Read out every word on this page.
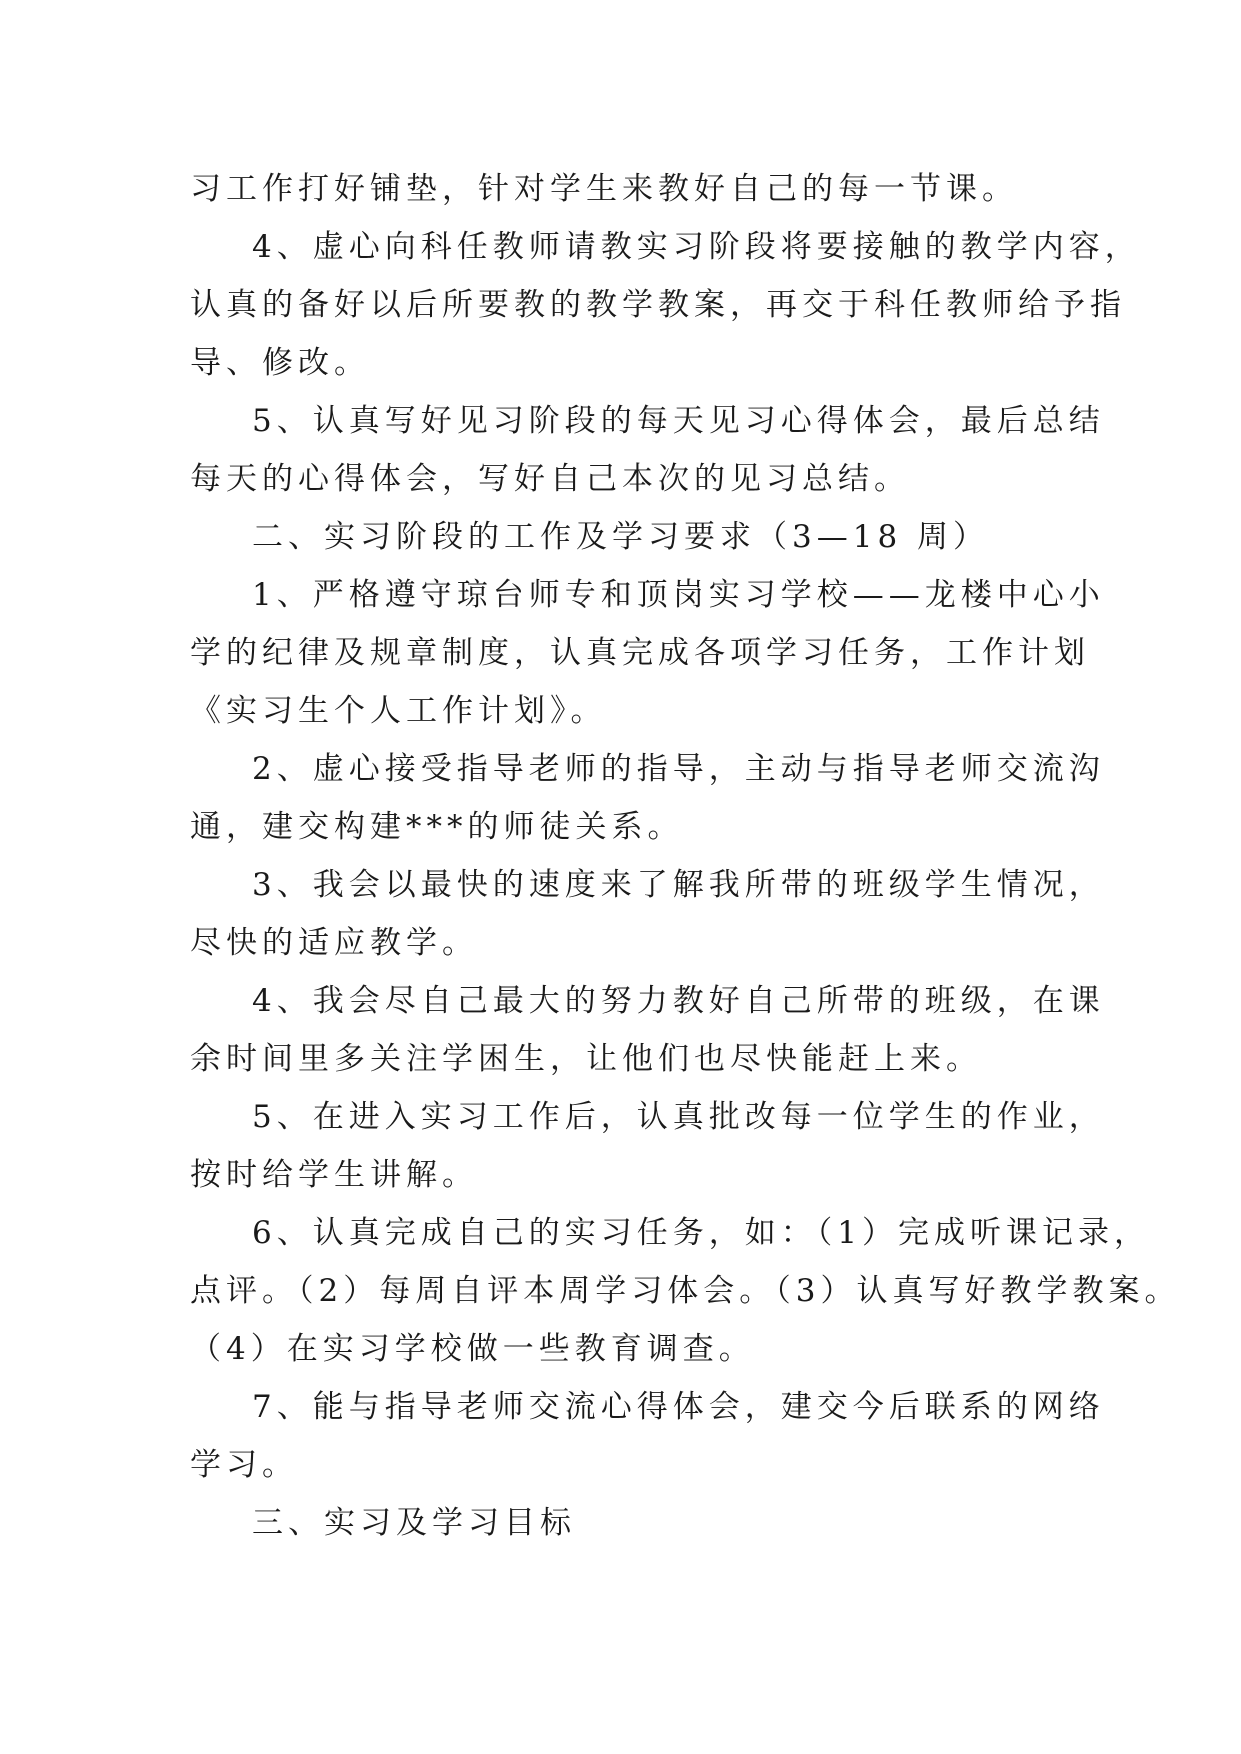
习工作打好铺垫，针对学生来教好自己的每一节课。
4、虚心向科任教师请教实习阶段将要接触的教学内容，
认真的备好以后所要教的教学教案，再交于科任教师给予指
导、修改。
5、认真写好见习阶段的每天见习心得体会，最后总结
每天的心得体会，写好自己本次的见习总结。
二、实习阶段的工作及学习要求（3—18 周）
1、严格遵守琼台师专和顶岗实习学校——龙楼中心小
学的纪律及规章制度，认真完成各项学习任务，工作计划
《实习生个人工作计划》。
2、虚心接受指导老师的指导，主动与指导老师交流沟
通，建交构建***的师徒关系。
3、我会以最快的速度来了解我所带的班级学生情况，
尽快的适应教学。
4、我会尽自己最大的努力教好自己所带的班级，在课
余时间里多关注学困生，让他们也尽快能赶上来。
5、在进入实习工作后，认真批改每一位学生的作业，
按时给学生讲解。
6、认真完成自己的实习任务，如：（1）完成听课记录，
点评。（2）每周自评本周学习体会。（3）认真写好教学教案。
（4）在实习学校做一些教育调查。
7、能与指导老师交流心得体会，建交今后联系的网络
学习。
三、实习及学习目标
